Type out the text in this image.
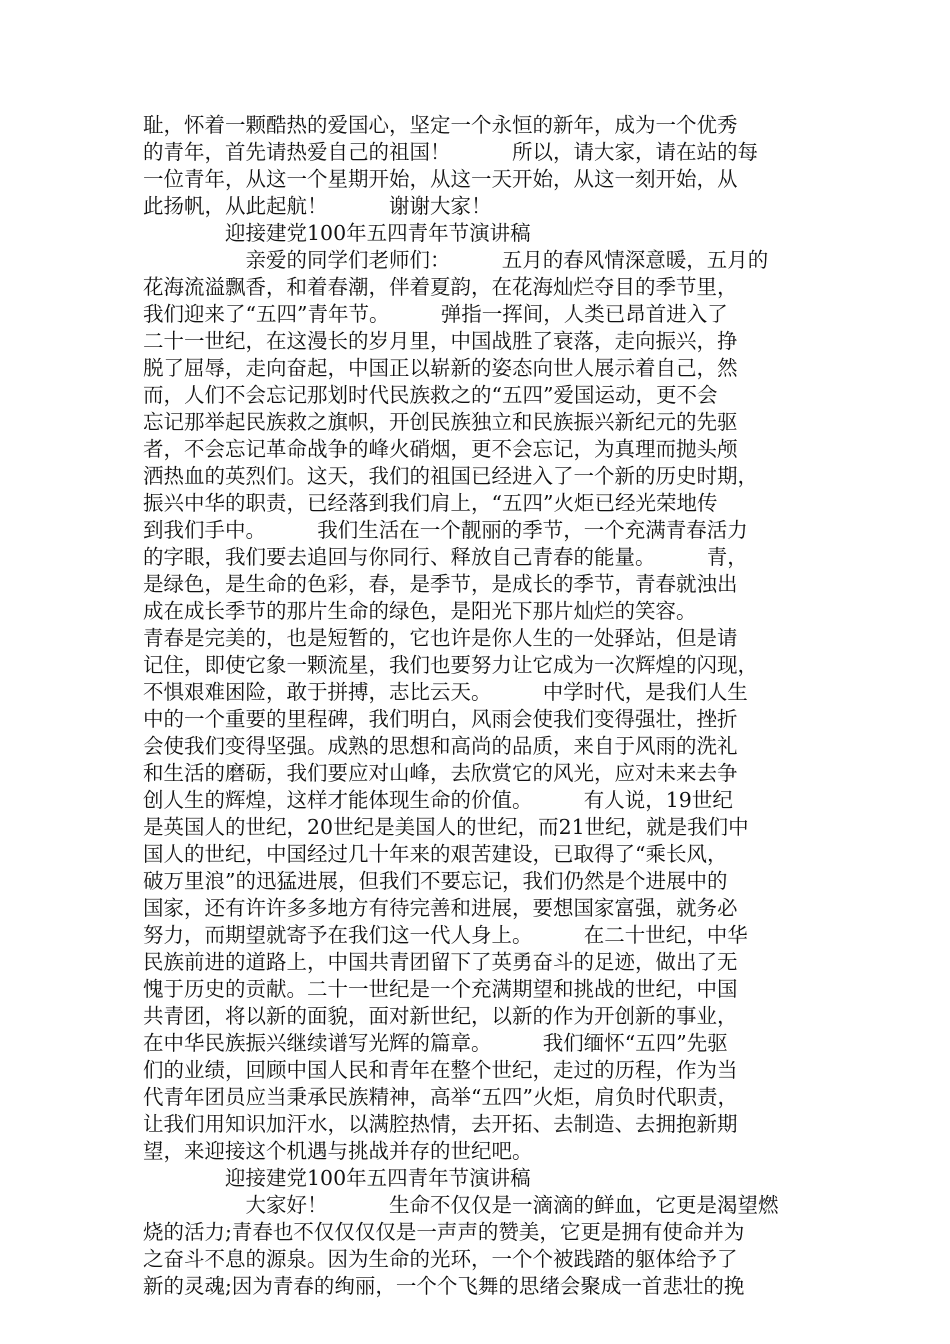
耻，怀着一颗酷热的爱国心，坚定一个永恒的新年，成为一个优秀

的青年，首先请热爱自己的祖国！　　　所以，请大家，请在站的每

一位青年，从这一个星期开始，从这一天开始，从这一刻开始，从

此扬帆，从此起航！　　　谢谢大家！

　　　　迎接建党100年五四青年节演讲稿

　　　　　亲爱的同学们老师们：　　　五月的春风情深意暖，五月的

花海流溢飘香，和着春潮，伴着夏韵，在花海灿烂夺目的季节里，

我们迎来了“五四”青年节。　　　弹指一挥间，人类已昂首进入了

二十一世纪，在这漫长的岁月里，中国战胜了衰落，走向振兴，挣

脱了屈辱，走向奋起，中国正以崭新的姿态向世人展示着自己，然

而，人们不会忘记那划时代民族救之的“五四”爱国运动，更不会

忘记那举起民族救之旗帜，开创民族独立和民族振兴新纪元的先驱

者，不会忘记革命战争的峰火硝烟，更不会忘记，为真理而抛头颅

洒热血的英烈们。这天，我们的祖国已经进入了一个新的历史时期，

振兴中华的职责，已经落到我们肩上，“五四”火炬已经光荣地传

到我们手中。　　　我们生活在一个靓丽的季节，一个充满青春活力

的字眼，我们要去追回与你同行、释放自己青春的能量。　　　青，

是绿色，是生命的色彩，春，是季节，是成长的季节，青春就浊出

成在成长季节的那片生命的绿色，是阳光下那片灿烂的笑容。

青春是完美的，也是短暂的，它也许是你人生的一处驿站，但是请

记住，即使它象一颗流星，我们也要努力让它成为一次辉煌的闪现，

不惧艰难困险，敢于拼搏，志比云天。　　　中学时代，是我们人生

中的一个重要的里程碑，我们明白，风雨会使我们变得强壮，挫折

会使我们变得坚强。成熟的思想和高尚的品质，来自于风雨的洗礼

和生活的磨砺，我们要应对山峰，去欣赏它的风光，应对未来去争

创人生的辉煌，这样才能体现生命的价值。　　　有人说，19世纪

是英国人的世纪，20世纪是美国人的世纪，而21世纪，就是我们中

国人的世纪，中国经过几十年来的艰苦建设，已取得了“乘长风，

破万里浪”的迅猛进展，但我们不要忘记，我们仍然是个进展中的

国家，还有许许多多地方有待完善和进展，要想国家富强，就务必

努力，而期望就寄予在我们这一代人身上。　　　在二十世纪，中华

民族前进的道路上，中国共青团留下了英勇奋斗的足迹，做出了无

愧于历史的贡献。二十一世纪是一个充满期望和挑战的世纪，中国

共青团，将以新的面貌，面对新世纪，以新的作为开创新的事业，

在中华民族振兴继续谱写光辉的篇章。　　　我们缅怀“五四”先驱

们的业绩，回顾中国人民和青年在整个世纪，走过的历程，作为当

代青年团员应当秉承民族精神，高举“五四”火炬，肩负时代职责，

让我们用知识加汗水，以满腔热情，去开拓、去制造、去拥抱新期

望，来迎接这个机遇与挑战并存的世纪吧。

　　　　迎接建党100年五四青年节演讲稿

　　　　　大家好！　　　生命不仅仅是一滴滴的鲜血，它更是渴望燃

烧的活力;青春也不仅仅仅仅是一声声的赞美，它更是拥有使命并为

之奋斗不息的源泉。因为生命的光环，一个个被践踏的躯体给予了

新的灵魂;因为青春的绚丽，一个个飞舞的思绪会聚成一首悲壮的挽
